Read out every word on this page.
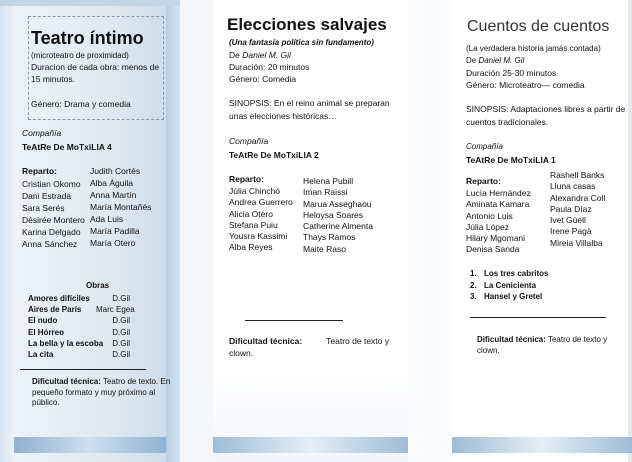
Teatro íntimo
(microteatro de proximidad)
Duracion de cada obra: menos de
15 minutos.
Género: Drama y comedia
Compañía
TeAtRe De MoTxiLlA 4
Reparto:
Cristian Okomo
Dani Estrada
Sara Serés
Désirée Montero
Karina Delgado
Anna Sánchez
Judith Cortés
Alba Águila
Anna Martín
María Montañés
Ada Luis
María Padilla
María Otero
Obras
Amores difíciles
Aires de París
El nudo
El Hórreo
La bella y la escoba
La cita
D.Gil
Marc Egea
D.Gil
D.Gil
D.Gil
D.Gil
Dificultad técnica: Teatro de texto. En
pequeño formato y muy próximo al
público.
Elecciones salvajes
(Una fantasía política sin fundamento)
De Daniel M. Gil
Duración: 20 minutos
Género: Comedia
SINOPSIS: En el reino animal se preparan
unas elecciones históricas…
Compañía
TeAtRe De MoTxiLlA 2
Reparto:
Júlia Chinchó
Andrea Guerrero
Alicia Otero
Stefana Puiu
Yousra Kassimi
Alba Reyes
Helena Pubill
Iman Raissi
Marua Asseghaou
Heloysa Soares
Catherine Almenta
Thays Ramos
Maite Raso
Dificultad técnica:	Teatro de texto y
clown.
Cuentos de cuentos
(La verdadera historia jamás contada)
De Daniel M. Gil
Duración 25-30 minutos
Género: Microteatro— comedia
SINOPSIS: Adaptaciones libres a partir de
cuentos tradicionales.
Compañía
TeAtRe De MoTxiLlA 1
Reparto:
Lucía Hernández
Aminata Kamara
Antonio Luis
Júlia López
Hilary Mgomani
Denisa Sanda
Rashell Banks
Lluna casas
Alexandra Coll
Paula Díaz
Ivet Güell
Irene Pagà
Mireia Villalba
1. Los tres cabritos
2. La Cenicienta
3. Hansel y Gretel
Dificultad técnica: Teatro de texto y
clown.
